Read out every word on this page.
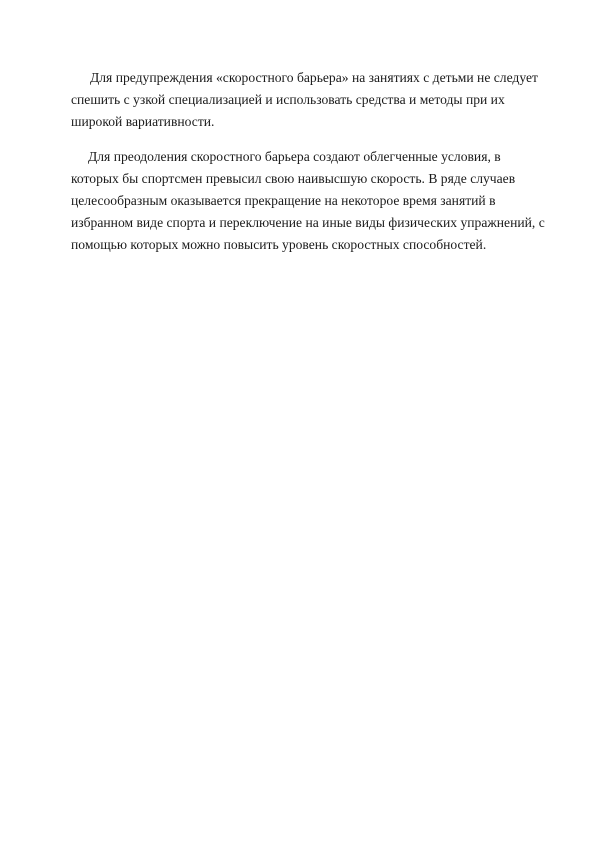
Для предупреждения «скоростного барьера» на занятиях с детьми не следует
спешить с узкой специализацией и использовать средства и методы при их
широкой вариативности.

Для преодоления скоростного барьера создают облегченные условия, в
которых бы спортсмен превысил свою наивысшую скорость. В ряде случаев
целесообразным оказывается прекращение на некоторое время занятий в
избранном виде спорта и переключение на иные виды физических упражнений, с
помощью которых можно повысить уровень скоростных способностей.
